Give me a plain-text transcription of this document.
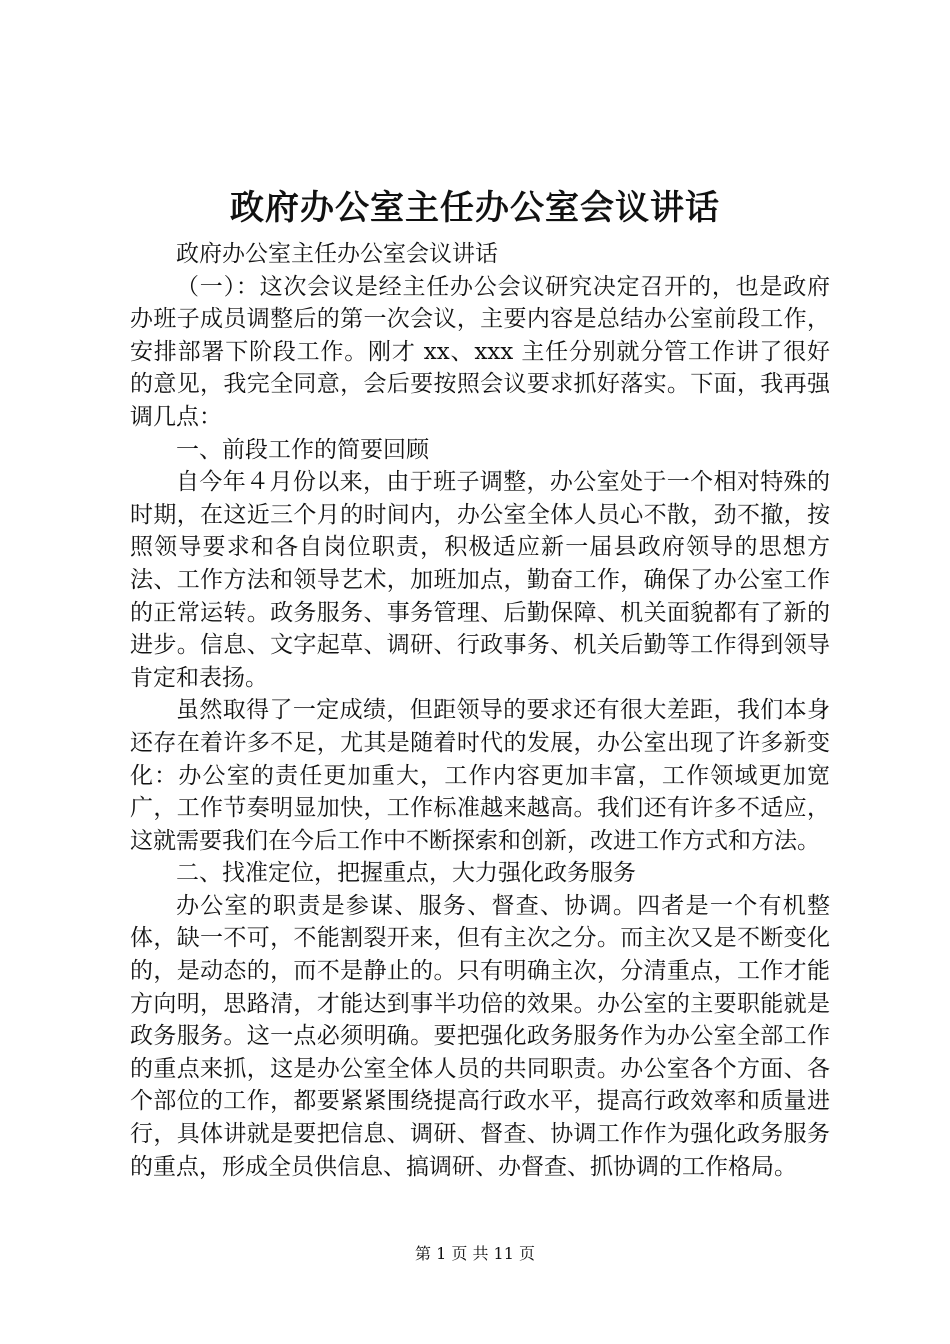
政府办公室主任办公室会议讲话

政府办公室主任办公室会议讲话

（一）：这次会议是经主任办公会议研究决定召开的，也是政府办班子成员调整后的第一次会议，主要内容是总结办公室前段工作，安排部署下阶段工作。刚才 xx、xxx 主任分别就分管工作讲了很好的意见，我完全同意，会后要按照会议要求抓好落实。下面，我再强调几点：

一、前段工作的简要回顾

自今年４月份以来，由于班子调整，办公室处于一个相对特殊的时期，在这近三个月的时间内，办公室全体人员心不散，劲不撤，按照领导要求和各自岗位职责，积极适应新一届县政府领导的思想方法、工作方法和领导艺术，加班加点，勤奋工作，确保了办公室工作的正常运转。政务服务、事务管理、后勤保障、机关面貌都有了新的进步。信息、文字起草、调研、行政事务、机关后勤等工作得到领导肯定和表扬。

虽然取得了一定成绩，但距领导的要求还有很大差距，我们本身还存在着许多不足，尤其是随着时代的发展，办公室出现了许多新变化：办公室的责任更加重大，工作内容更加丰富，工作领域更加宽广，工作节奏明显加快，工作标准越来越高。我们还有许多不适应，这就需要我们在今后工作中不断探索和创新，改进工作方式和方法。

二、找准定位，把握重点，大力强化政务服务

办公室的职责是参谋、服务、督查、协调。四者是一个有机整体，缺一不可，不能割裂开来，但有主次之分。而主次又是不断变化的，是动态的，而不是静止的。只有明确主次，分清重点，工作才能方向明，思路清，才能达到事半功倍的效果。办公室的主要职能就是政务服务。这一点必须明确。要把强化政务服务作为办公室全部工作的重点来抓，这是办公室全体人员的共同职责。办公室各个方面、各个部位的工作，都要紧紧围绕提高行政水平，提高行政效率和质量进行，具体讲就是要把信息、调研、督查、协调工作作为强化政务服务的重点，形成全员供信息、搞调研、办督查、抓协调的工作格局。

第 1 页 共 11 页
